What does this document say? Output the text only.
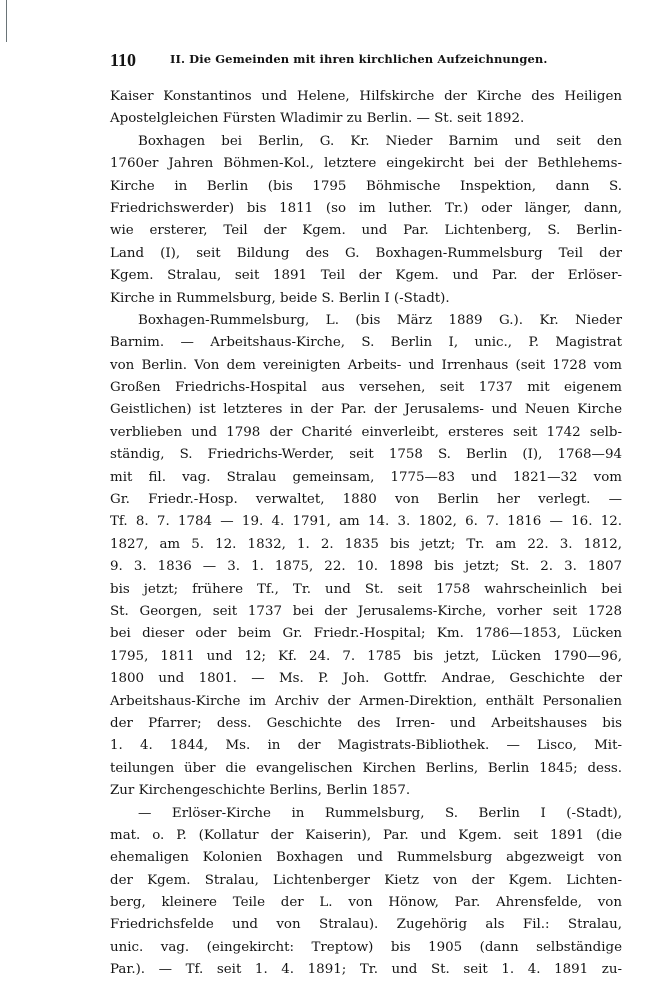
110	II. Die Gemeinden mit ihren kirchlichen Aufzeichnungen.
Kaiser Konstantinos und Helene, Hilfskirche der Kirche des Heiligen
Apostelgleichen Fürsten Wladimir zu Berlin. — St. seit 1892.
Boxhagen bei Berlin, G. Kr. Nieder Barnim und seit den
1760er Jahren Böhmen-Kol., letztere eingekircht bei der Bethlehems-
Kirche in Berlin (bis 1795 Böhmische Inspektion, dann S.
Friedrichswerder) bis 1811 (so im luther. Tr.) oder länger, dann,
wie ersterer, Teil der Kgem. und Par. Lichtenberg, S. Berlin-
Land (I), seit Bildung des G. Boxhagen-Rummelsburg Teil der
Kgem. Stralau, seit 1891 Teil der Kgem. und Par. der Erlöser-
Kirche in Rummelsburg, beide S. Berlin I (-Stadt).
Boxhagen-Rummelsburg, L. (bis März 1889 G.). Kr. Nieder
Barnim. — Arbeitshaus-Kirche, S. Berlin I, unic., P. Magistrat
von Berlin. Von dem vereinigten Arbeits- und Irrenhaus (seit 1728 vom
Großen Friedrichs-Hospital aus versehen, seit 1737 mit eigenem
Geistlichen) ist letzteres in der Par. der Jerusalems- und Neuen Kirche
verblieben und 1798 der Charité einverleibt, ersteres seit 1742 selb-
ständig, S. Friedrichs-Werder, seit 1758 S. Berlin (I), 1768—94
mit fil. vag. Stralau gemeinsam, 1775—83 und 1821—32 vom
Gr. Friedr.-Hosp. verwaltet, 1880 von Berlin her verlegt. —
Tf. 8. 7. 1784 — 19. 4. 1791, am 14. 3. 1802, 6. 7. 1816 — 16. 12.
1827, am 5. 12. 1832, 1. 2. 1835 bis jetzt; Tr. am 22. 3. 1812,
9. 3. 1836 — 3. 1. 1875, 22. 10. 1898 bis jetzt; St. 2. 3. 1807
bis jetzt; frühere Tf., Tr. und St. seit 1758 wahrscheinlich bei
St. Georgen, seit 1737 bei der Jerusalems-Kirche, vorher seit 1728
bei dieser oder beim Gr. Friedr.-Hospital; Km. 1786—1853, Lücken
1795, 1811 und 12; Kf. 24. 7. 1785 bis jetzt, Lücken 1790—96,
1800 und 1801. — Ms. P. Joh. Gottfr. Andrae, Geschichte der
Arbeitshaus-Kirche im Archiv der Armen-Direktion, enthält Personalien
der Pfarrer; dess. Geschichte des Irren- und Arbeitshauses bis
1. 4. 1844, Ms. in der Magistrats-Bibliothek. — Lisco, Mit-
teilungen über die evangelischen Kirchen Berlins, Berlin 1845; dess.
Zur Kirchengeschichte Berlins, Berlin 1857.
— Erlöser-Kirche in Rummelsburg, S. Berlin I (-Stadt),
mat. o. P. (Kollatur der Kaiserin), Par. und Kgem. seit 1891 (die
ehemaligen Kolonien Boxhagen und Rummelsburg abgezweigt von
der Kgem. Stralau, Lichtenberger Kietz von der Kgem. Lichten-
berg, kleinere Teile der L. von Hönow, Par. Ahrensfelde, von
Friedrichsfelde und von Stralau). Zugehörig als Fil.: Stralau,
unic. vag. (eingekircht: Treptow) bis 1905 (dann selbständige
Par.). — Tf. seit 1. 4. 1891; Tr. und St. seit 1. 4. 1891 zu-
